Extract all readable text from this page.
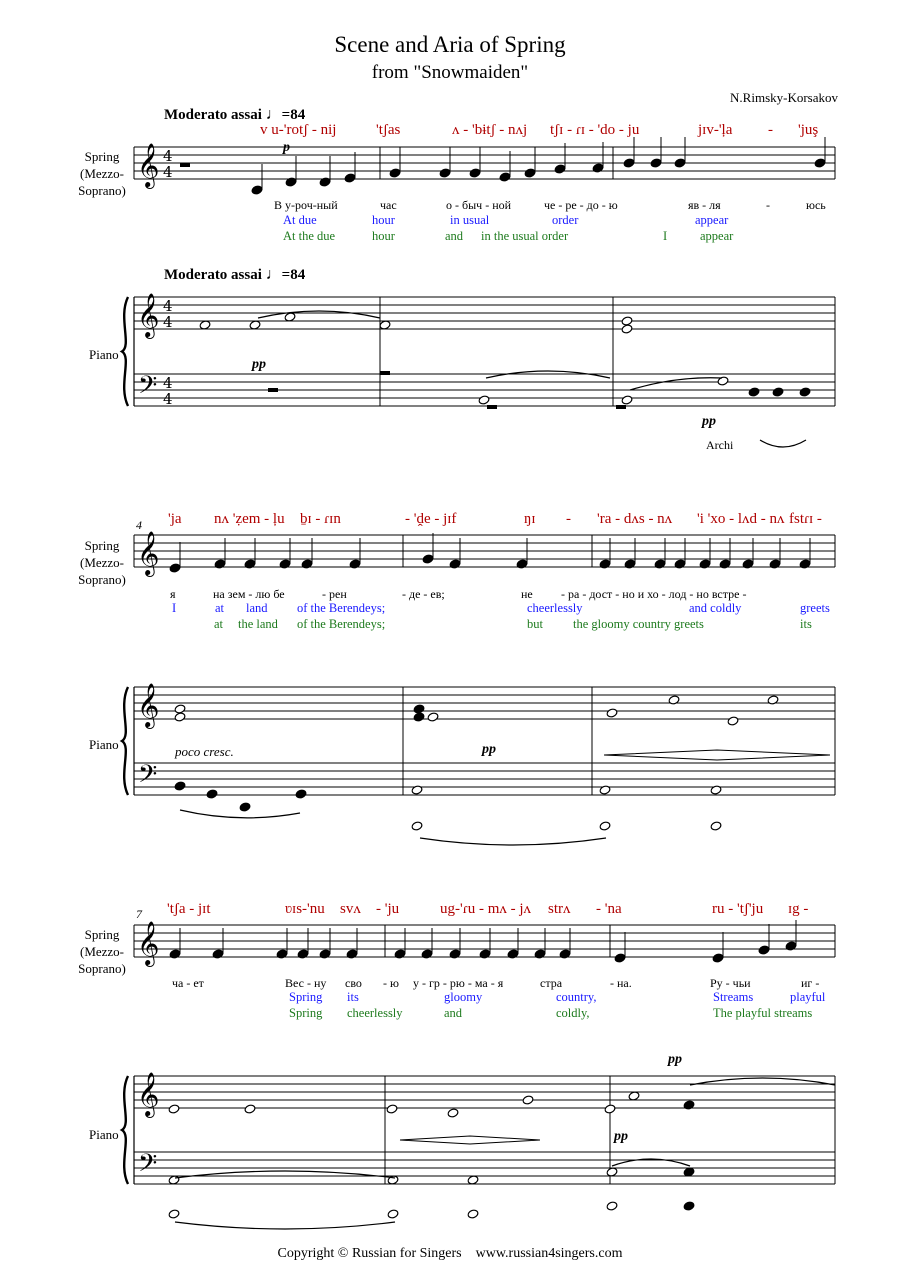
Scene and Aria of Spring
from "Snowmaiden"
N.Rimsky-Korsakov
𝄞
𝄞
𝄢
4
4
4
4
4
4
𝄞
𝄞
𝄢
𝄞
𝄞
𝄢
Moderato assai ♩=84
Spring
(Mezzo-
Soprano)
p
v u-'rotʃ - nij	'tʃas	ʌ - 'bɨtʃ - nʌj tʃɪ - ɾɪ - 'do - ju	jɪv-'ļa - 'juş
В у-роч-ный	час	о - быч - ной	че - ре - до - ю	яв - ля	-	юсь
At due	hour	in usual	order	appear
At the due	hour	and in the usual order	I	appear
Moderato assai ♩=84
Piano
pp
pp
Archi
4
Spring
(Mezzo-
Soprano)
'ja nʌ 'ẓem - ļu ḇɪ - ɾɪn	- 'ḓe - jɪf	ŋɪ - 'ra - dʌs - nʌ 'i 'xo - lʌd - nʌ fstɾɪ -
я	на зем - лю бе	- рен	- де - ев;	не - ра - дост - но и хо - лод - но встре -
I	at land of the Berendeys;	cheerlessly	and coldly	greets
at the land of the Berendeys;	but the gloomy country greets	its
Piano	pp
poco cresc.
7
Spring
(Mezzo-
Soprano)
'tʃa - jɪt	ʋɪs-'nu svʌ - 'ju	ug-'ɾu - mʌ - jʌ strʌ - 'na	ru - 'tʃ'ju ɪg -
ча - ет	Вес - ну сво - ю у - гр - рю - ма - я	стра	- на.	Ру - чьи	иг -
Spring its	gloomy	country,	Streams	playful
Spring cheerlessly	and	coldly,	The playful streams
Piano
pp
pp
Copyright © Russian for Singers www.russian4singers.com
